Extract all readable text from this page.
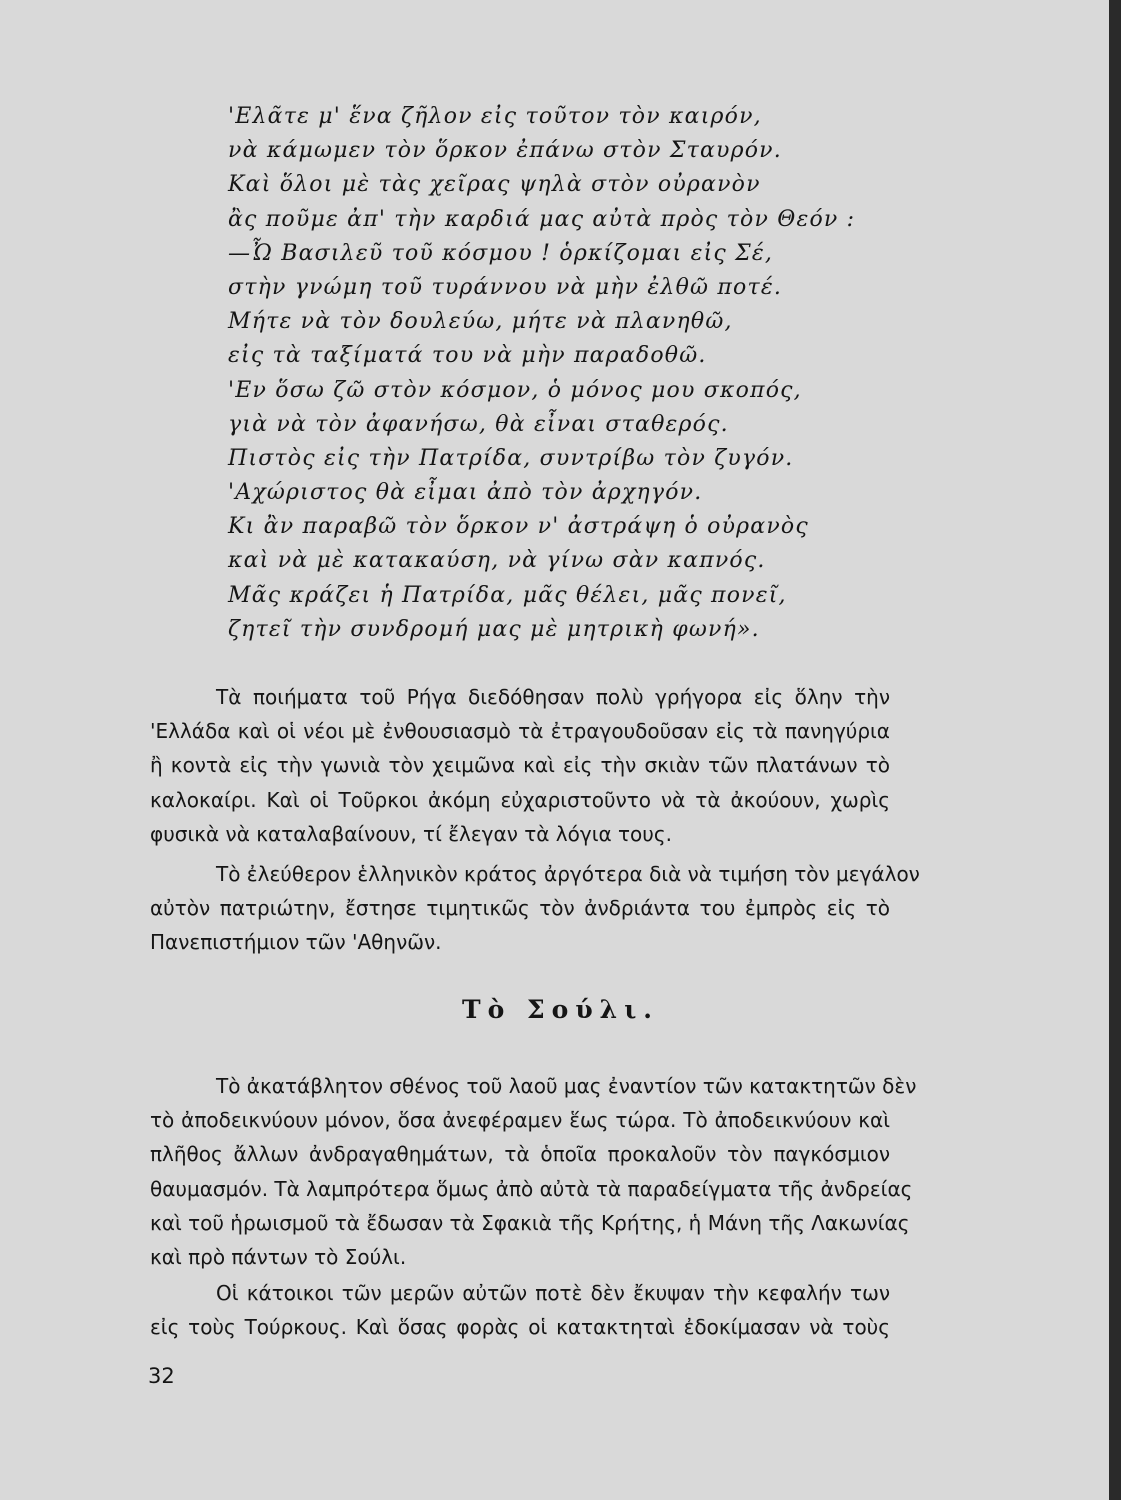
'Ελᾶτε μ' ἕνα ζῆλον εἰς τοῦτον τὸν καιρόν,
νὰ κάμωμεν τὸν ὅρκον ἐπάνω στὸν Σταυρόν.
Καὶ ὅλοι μὲ τὰς χεῖρας ψηλὰ στὸν οὐρανὸν
ἂς ποῦμε ἀπ' τὴν καρδιά μας αὐτὰ πρὸς τὸν Θεόν :
—Ὦ Βασιλεῦ τοῦ κόσμου ! ὁρκίζομαι εἰς Σέ,
στὴν γνώμη τοῦ τυράννου νὰ μὴν ἐλθῶ ποτέ.
Μήτε νὰ τὸν δουλεύω, μήτε νὰ πλανηθῶ,
εἰς τὰ ταξίματά του νὰ μὴν παραδοθῶ.
'Εν ὅσω ζῶ στὸν κόσμον, ὁ μόνος μου σκοπός,
γιὰ νὰ τὸν ἀφανήσω, θὰ εἶναι σταθερός.
Πιστὸς εἰς τὴν Πατρίδα, συντρίβω τὸν ζυγόν.
'Αχώριστος θὰ εἶμαι ἀπὸ τὸν ἀρχηγόν.
Κι ἂν παραβῶ τὸν ὅρκον ν' ἀστράψη ὁ οὐρανὸς
καὶ νὰ μὲ κατακαύση, νὰ γίνω σὰν καπνός.
Μᾶς κράζει ἡ Πατρίδα, μᾶς θέλει, μᾶς πονεῖ,
ζητεῖ τὴν συνδρομή μας μὲ μητρικὴ φωνή».
Τὰ ποιήματα τοῦ Ρήγα διεδόθησαν πολὺ γρήγορα εἰς ὅλην τὴν
'Ελλάδα καὶ οἱ νέοι μὲ ἐνθουσιασμὸ τὰ ἐτραγουδοῦσαν εἰς τὰ πανηγύρια
ἢ κοντὰ εἰς τὴν γωνιὰ τὸν χειμῶνα καὶ εἰς τὴν σκιὰν τῶν πλατάνων τὸ
καλοκαίρι. Καὶ οἱ Τοῦρκοι ἀκόμη εὐχαριστοῦντο νὰ τὰ ἀκούουν, χωρὶς
φυσικὰ νὰ καταλαβαίνουν, τί ἔλεγαν τὰ λόγια τους.
Τὸ ἐλεύθερον ἑλληνικὸν κράτος ἀργότερα διὰ νὰ τιμήση τὸν μεγάλον
αὐτὸν πατριώτην, ἔστησε τιμητικῶς τὸν ἀνδριάντα του ἐμπρὸς εἰς τὸ
Πανεπιστήμιον τῶν 'Αθηνῶν.
Τὸ Σούλι.
Τὸ ἀκατάβλητον σθένος τοῦ λαοῦ μας ἐναντίον τῶν κατακτητῶν δὲν
τὸ ἀποδεικνύουν μόνον, ὅσα ἀνεφέραμεν ἕως τώρα. Τὸ ἀποδεικνύουν καὶ
πλῆθος ἄλλων ἀνδραγαθημάτων, τὰ ὁποῖα προκαλοῦν τὸν παγκόσμιον
θαυμασμόν. Τὰ λαμπρότερα ὅμως ἀπὸ αὐτὰ τὰ παραδείγματα τῆς ἀνδρείας
καὶ τοῦ ἡρωισμοῦ τὰ ἔδωσαν τὰ Σφακιὰ τῆς Κρήτης, ἡ Μάνη τῆς Λακωνίας
καὶ πρὸ πάντων τὸ Σούλι.
Οἱ κάτοικοι τῶν μερῶν αὐτῶν ποτὲ δὲν ἔκυψαν τὴν κεφαλήν των
εἰς τοὺς Τούρκους. Καὶ ὅσας φορὰς οἱ κατακτηταὶ ἐδοκίμασαν νὰ τοὺς
32
